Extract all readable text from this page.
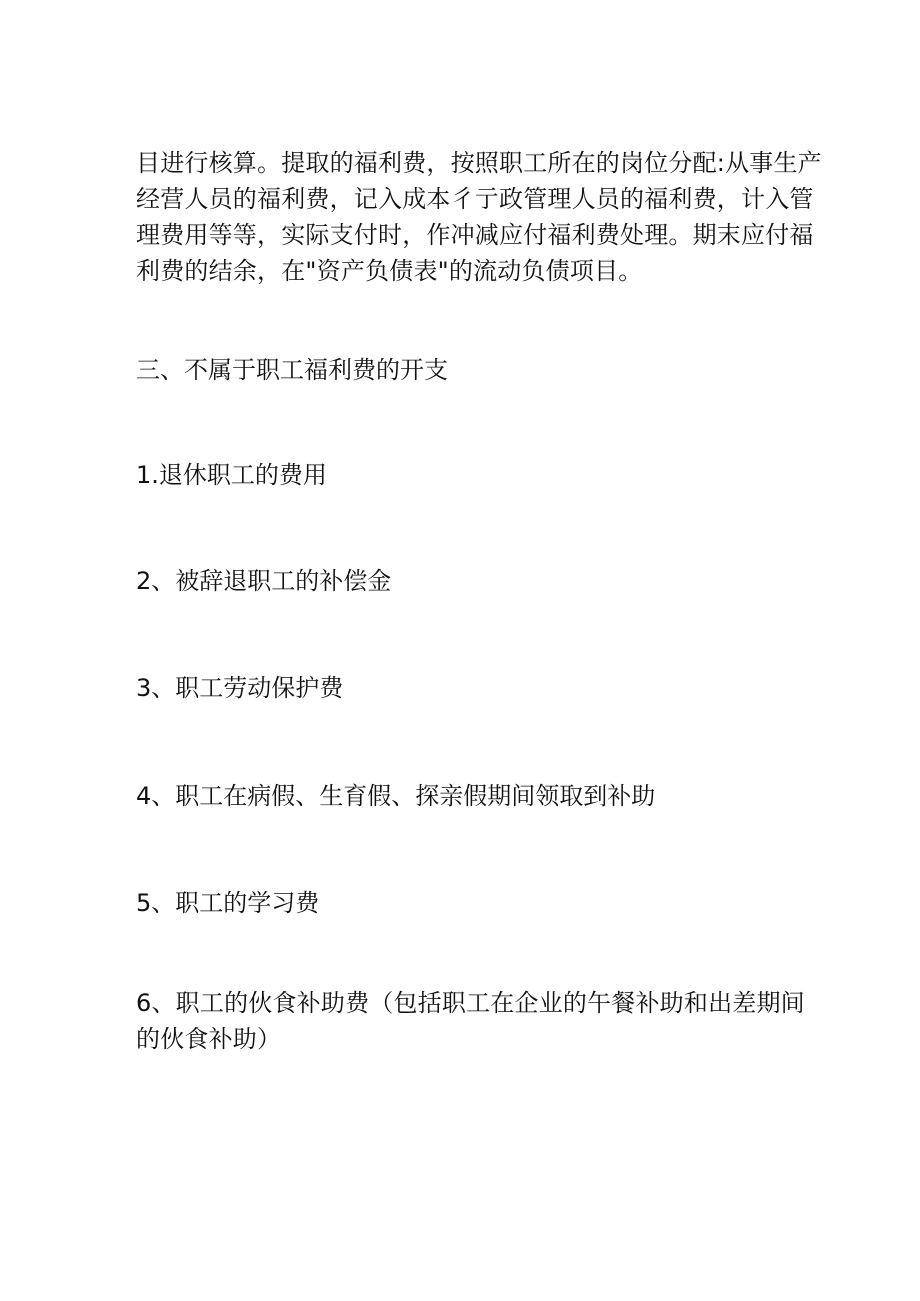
目进行核算。提取的福利费，按照职工所在的岗位分配:从事生产
经营人员的福利费，记入成本彳亍政管理人员的福利费，计入管
理费用等等，实际支付时，作冲减应付福利费处理。期末应付福
利费的结余，在"资产负债表"的流动负债项目。

三、不属于职工福利费的开支

1.退休职工的费用

2、被辞退职工的补偿金

3、职工劳动保护费

4、职工在病假、生育假、探亲假期间领取到补助

5、职工的学习费

6、职工的伙食补助费（包括职工在企业的午餐补助和出差期间
的伙食补助）
